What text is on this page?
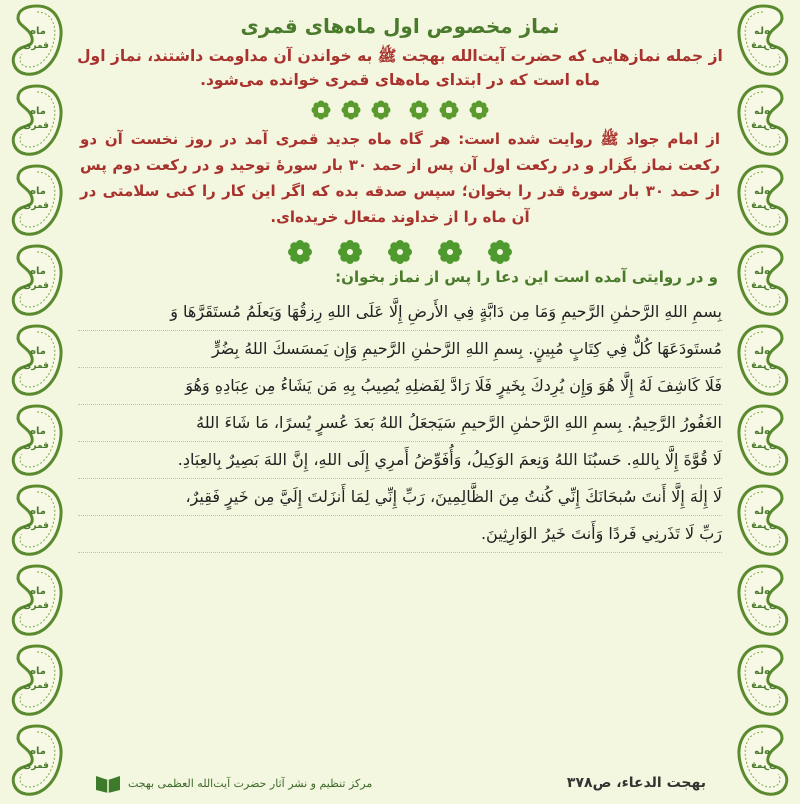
ماه
قمری
ماه
قمری
ماه
قمری
ماه
قمری
ماه
قمری
ماه
قمری
ماه
قمری
ماه
قمری
ماه
قمری
ماه
قمری
ماه
قمری
ماه
قمری
ماه
قمری
ماه
قمری
ماه
قمری
ماه
قمری
ماه
قمری
ماه
قمری
ماه
قمری
ماه
قمری
نماز مخصوص اول ماه‌های قمری

از جمله نمازهایی که حضرت آیت‌الله بهجت ﷺ به خواندن آن مداومت داشتند، نماز اول ماه است که در ابتدای ماه‌های قمری خوانده می‌شود.

از امام جواد ﷺ روایت شده است: هر گاه ماه جدید قمری آمد در روز نخست آن دو رکعت نماز بگزار و در رکعت اول آن پس از حمد ۳۰ بار سورهٔ توحید و در رکعت دوم پس از حمد ۳۰ بار سورهٔ قدر را بخوان؛ سپس صدقه بده که اگر این کار را کنی سلامتی در آن ماه را از خداوند متعال خریده‌ای.

و در روایتی آمده است این دعا را پس از نماز بخوان:

بِسمِ اللهِ الرَّحمٰنِ الرَّحیمِ وَمَا مِن دَابَّةٍ فِي الأَرضِ إِلَّا عَلَى اللهِ رِزقُهَا وَيَعلَمُ مُستَقَرَّهَا وَ

مُستَودَعَهَا كُلٌّ فِي كِتَابٍ مُبِينٍ. بِسمِ اللهِ الرَّحمٰنِ الرَّحيمِ وَإِن يَمسَسكَ اللهُ بِضُرٍّ

فَلَا كَاشِفَ لَهُ إِلَّا هُوَ وَإِن يُرِدكَ بِخَيرٍ فَلَا رَادَّ لِفَضلِهِ يُصِيبُ بِهِ مَن يَشَاءُ مِن عِبَادِهِ وَهُوَ

الغَفُورُ الرَّحِيمُ. بِسمِ اللهِ الرَّحمٰنِ الرَّحيمِ سَيَجعَلُ اللهُ بَعدَ عُسرٍ يُسرًا، مَا شَاءَ اللهُ

لَا قُوَّةَ إِلَّا بِاللهِ. حَسبُنَا اللهُ وَنِعمَ الوَكِيلُ، وَأُفَوِّضُ أَمرِي إِلَى اللهِ، إِنَّ اللهَ بَصِيرٌ بِالعِبَادِ.

لَا إِلٰهَ إِلَّا أَنتَ سُبحَانَكَ إِنِّي كُنتُ مِنَ الظَّالِمِينَ، رَبِّ إِنِّي لِمَا أَنزَلتَ إِلَيَّ مِن خَيرٍ فَقِيرٌ،

رَبِّ لَا تَذَرنِي فَردًا وَأَنتَ خَيرُ الوَارِثِينَ.

بهجت الدعاء، ص۳۷۸
مرکز تنظیم و نشر آثار حضرت آیت‌الله العظمی بهجت
